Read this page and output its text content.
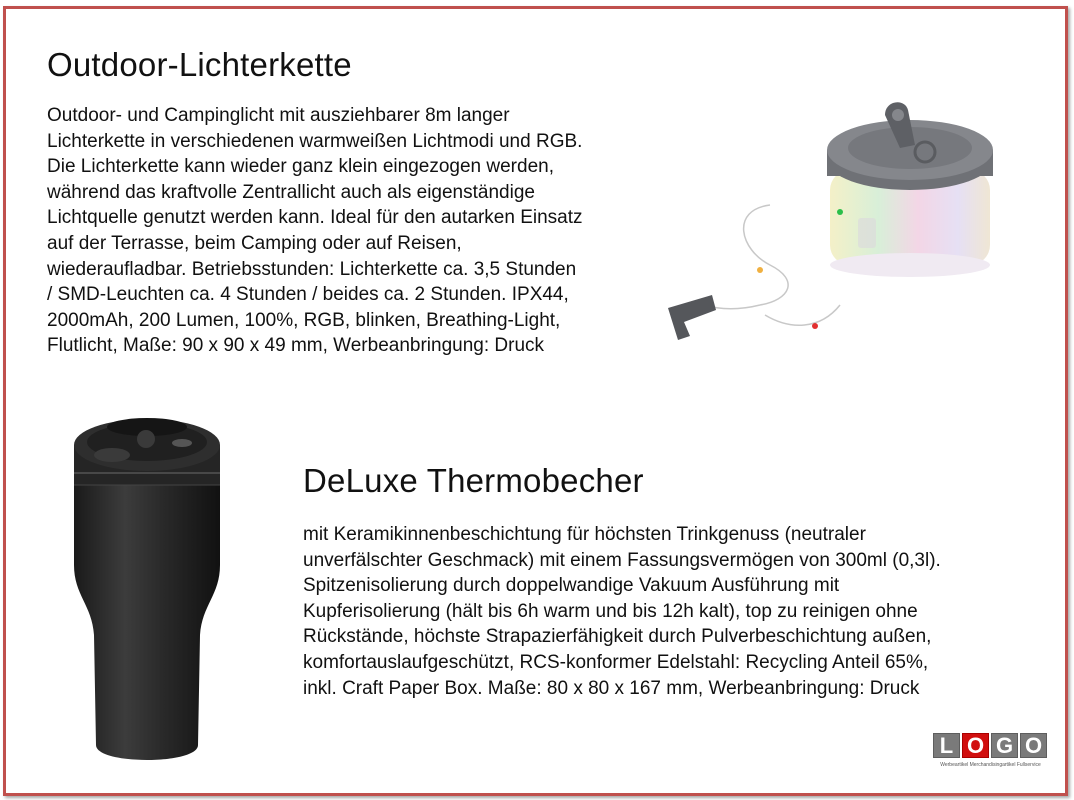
Outdoor-Lichterkette
Outdoor- und Campinglicht mit ausziehbarer 8m langer
Lichterkette in verschiedenen warmweißen Lichtmodi und RGB.
Die Lichterkette kann wieder ganz klein eingezogen werden,
während das kraftvolle Zentrallicht auch als eigenständige
Lichtquelle genutzt werden kann. Ideal für den autarken Einsatz
auf der Terrasse, beim Camping oder auf Reisen,
wiederaufladbar. Betriebsstunden: Lichterkette ca. 3,5 Stunden
/ SMD-Leuchten ca. 4 Stunden / beides ca. 2 Stunden. IPX44,
2000mAh, 200 Lumen, 100%, RGB, blinken, Breathing-Light,
Flutlicht, Maße: 90 x 90 x 49 mm, Werbeanbringung: Druck
DeLuxe Thermobecher
mit Keramikinnenbeschichtung für höchsten Trinkgenuss (neutraler
unverfälschter Geschmack) mit einem Fassungsvermögen von 300ml (0,3l).
Spitzenisolierung durch doppelwandige Vakuum Ausführung mit
Kupferisolierung (hält bis 6h warm und bis 12h kalt), top zu reinigen ohne
Rückstände, höchste Strapazierfähigkeit durch Pulverbeschichtung außen,
komfortauslaufgeschützt, RCS-konformer Edelstahl: Recycling Anteil 65%,
inkl. Craft Paper Box. Maße: 80 x 80 x 167 mm, Werbeanbringung: Druck
L O G O
Werbeartikel Merchandisingartikel Fullservice
